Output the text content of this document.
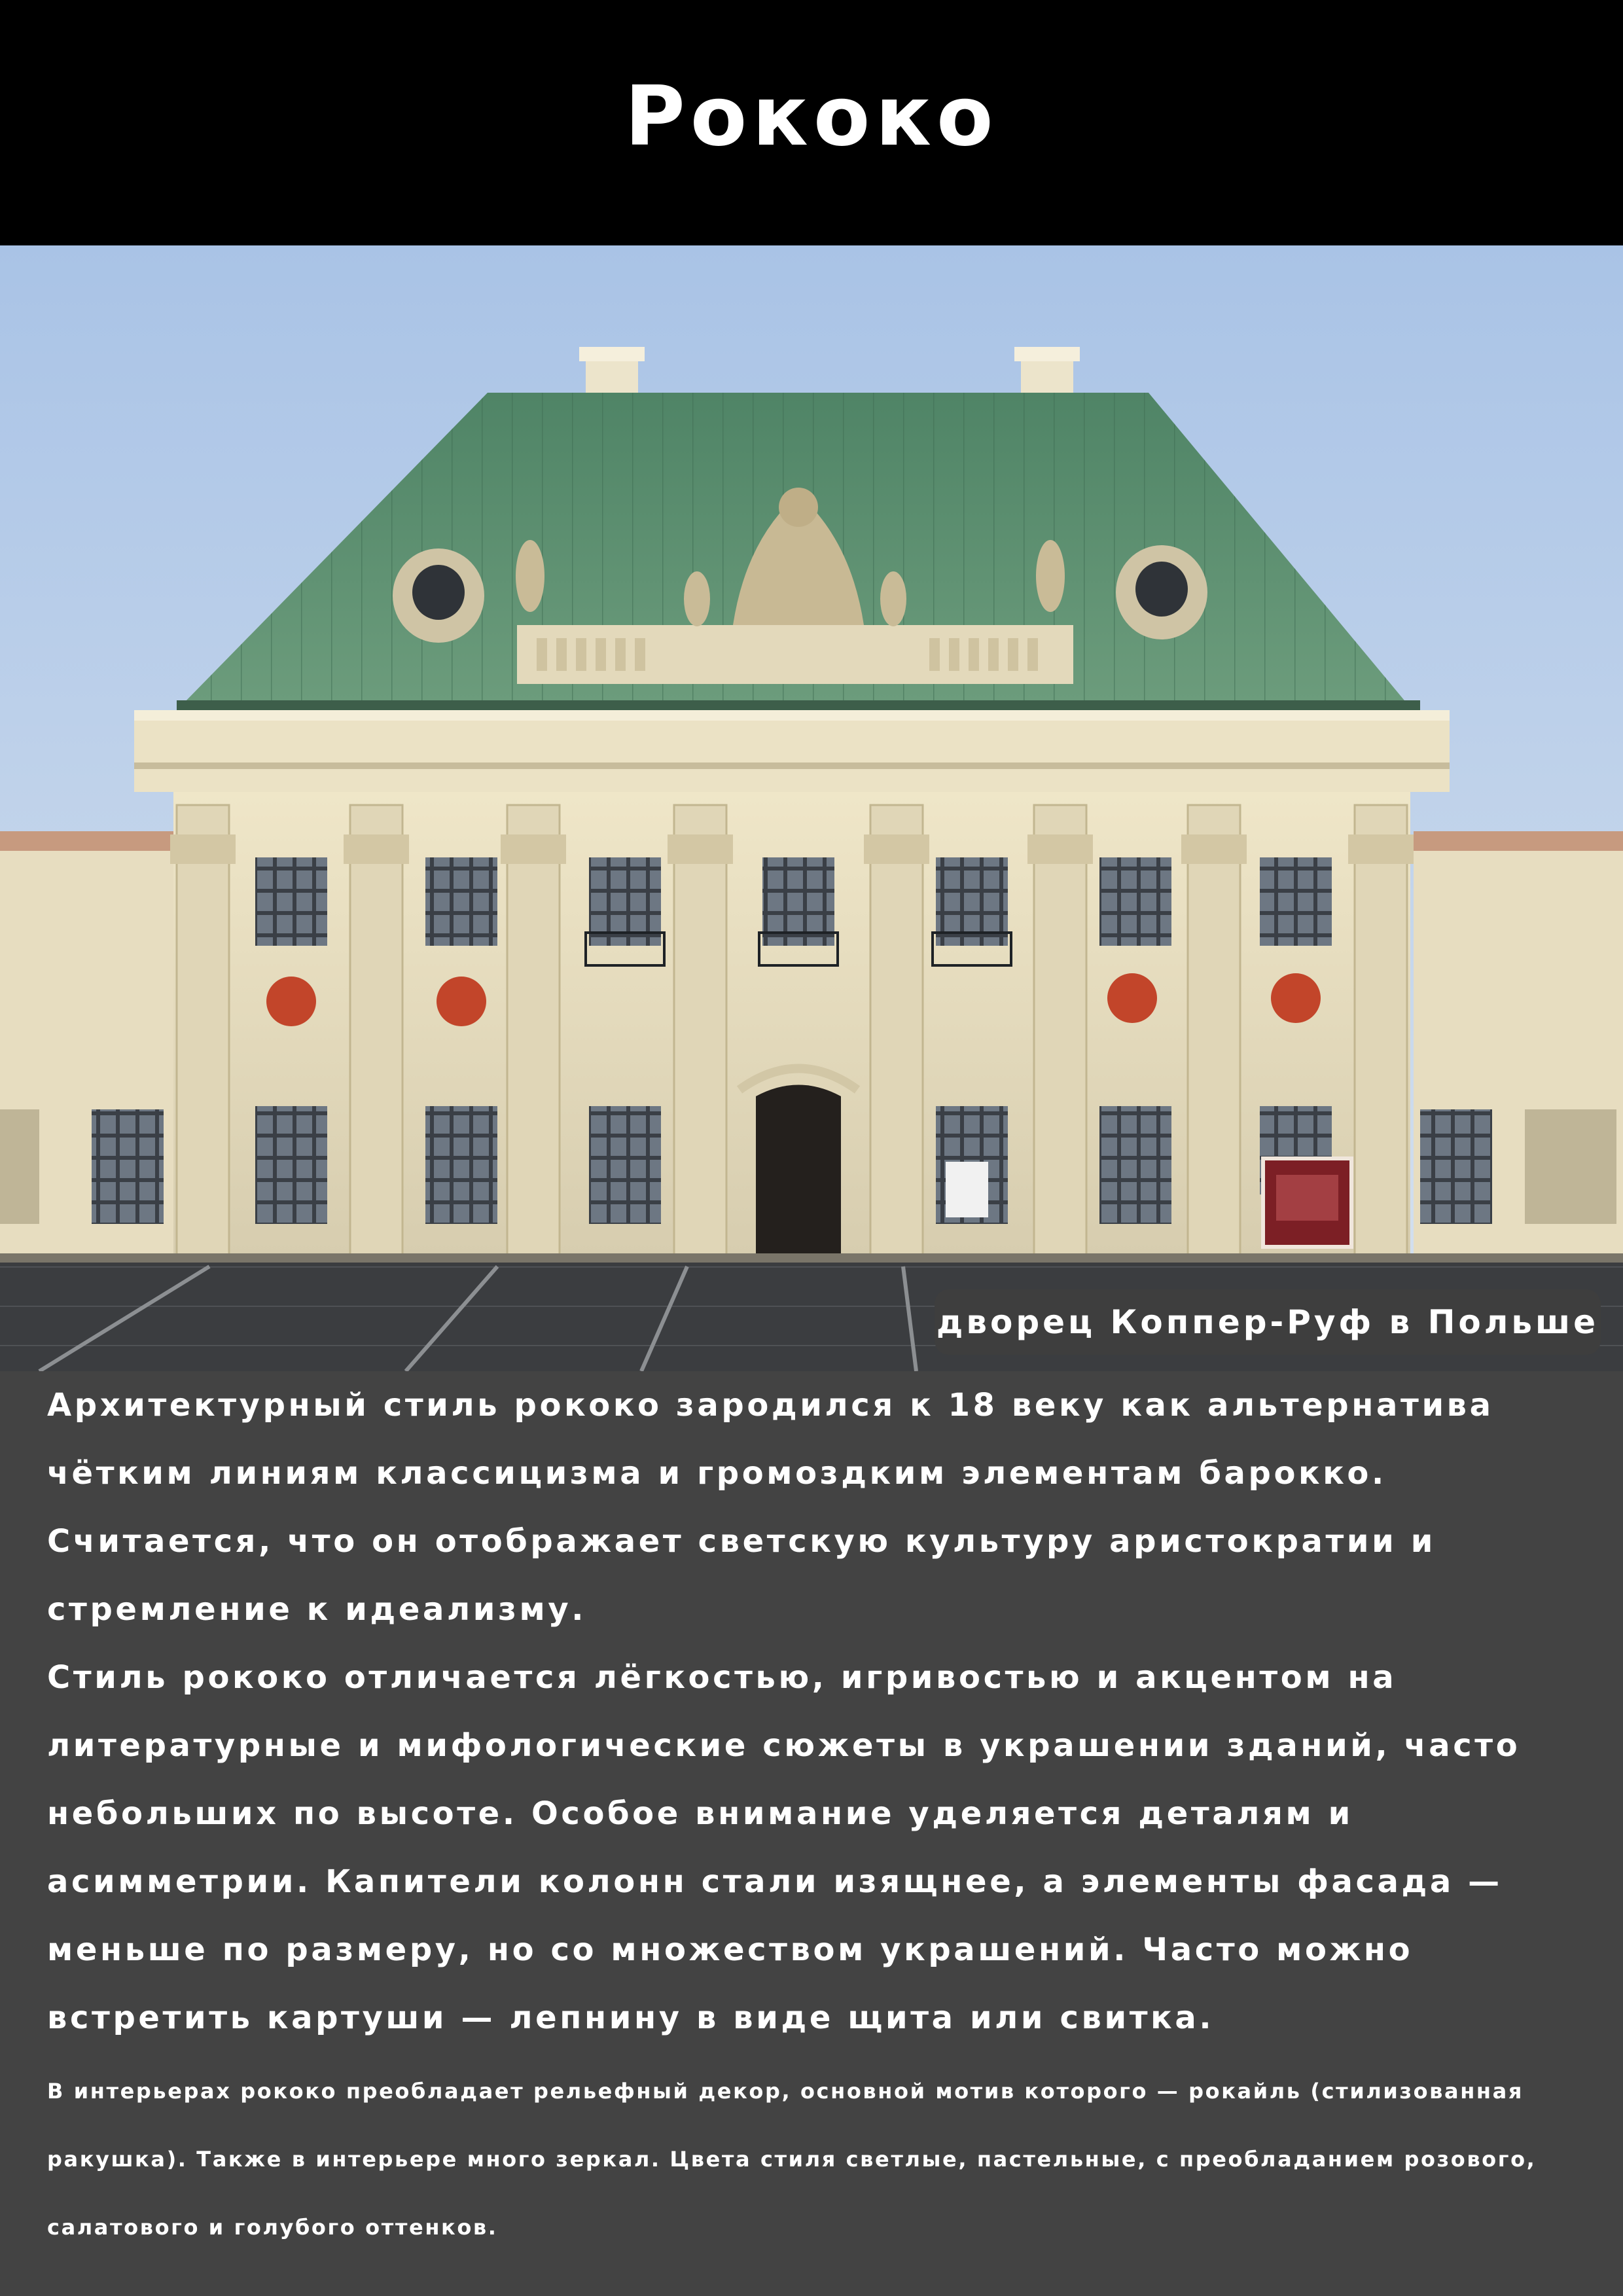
Рококо
дворец Коппер-Руф в Польше

Архитектурный стиль рококо зародился к 18 веку как альтернатива чётким линиям классицизма и громоздким элементам барокко. Считается, что он отображает светскую культуру аристократии и стремление к идеализму.

Стиль рококо отличается лёгкостью, игривостью и акцентом на литературные и мифологические сюжеты в украшении зданий, часто небольших по высоте. Особое внимание уделяется деталям и асимметрии. Капители колонн стали изящнее, а элементы фасада — меньше по размеру, но со множеством украшений. Часто можно встретить картуши — лепнину в виде щита или свитка.

В интерьерах рококо преобладает рельефный декор, основной мотив которого — рокайль (стилизованная ракушка). Также в интерьере много зеркал. Цвета стиля светлые, пастельные, с преобладанием розового, салатового и голубого оттенков.
